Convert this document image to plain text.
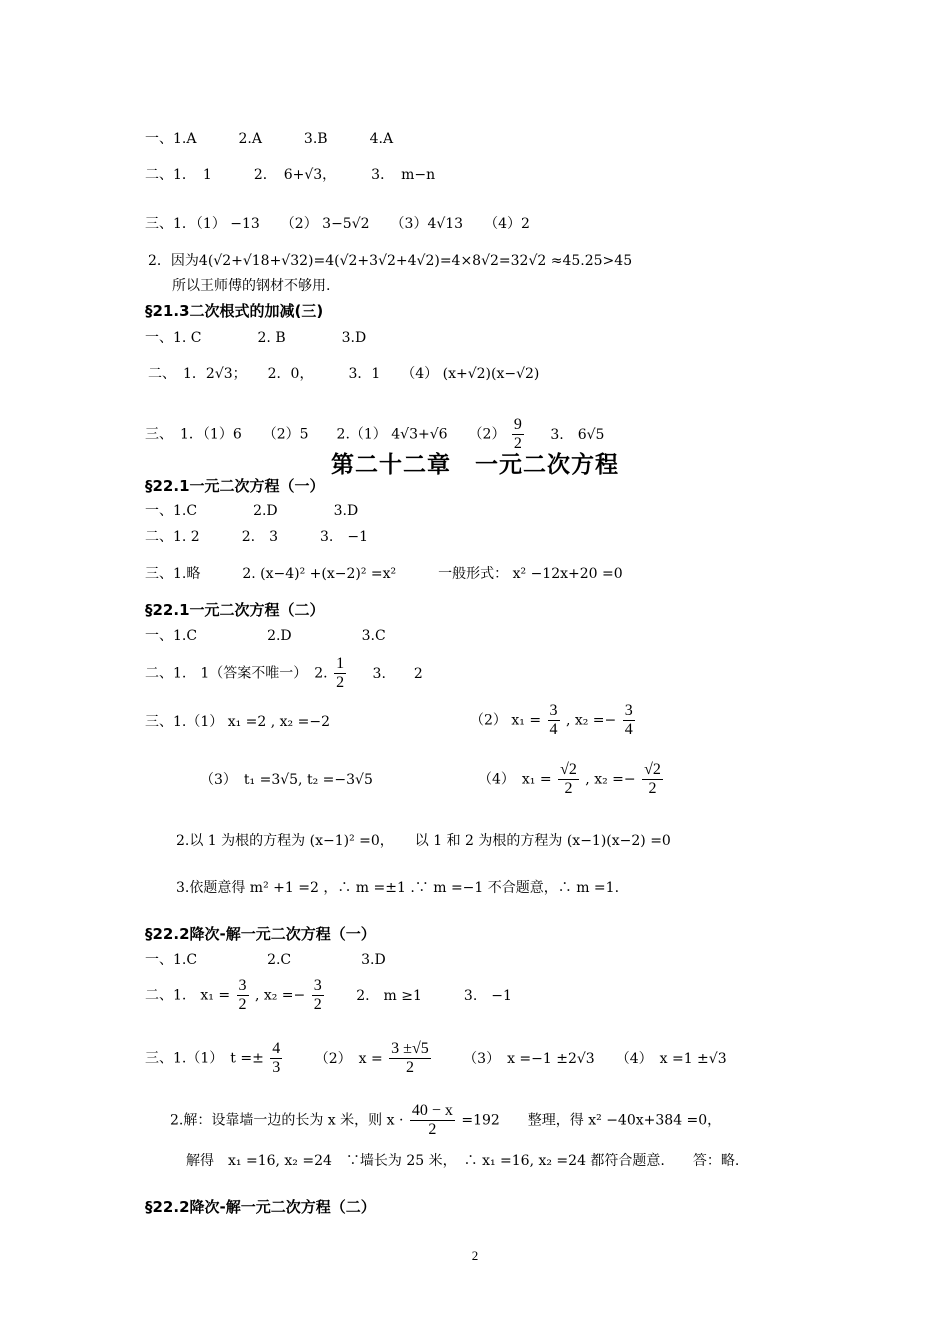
一、1.A　　　2.A　　　3.B　　　4.A
二、1．　1　　　2．　6+√3，　　　3．　m−n
三、1．（1） −13　　（2） 3−5√2　　（3）4√13　　（4）2
2．因为4(√2+√18+√32)=4(√2+3√2+4√2)=4×8√2=32√2 ≈45.25>45
所以王师傅的钢材不够用.
§21.3二次根式的加减(三)
一、1. C　　　　2. B　　　　3.D
二、　1．2√3；　　2．0，　　　3．1　　（4） (x+√2)(x−√2)
三、　1．（1）6　　（2）5　　2.（1） 4√3+√6　　$(2) \frac{9}{2} 3$.　6√5
第二十二章　一元二次方程
§22.1一元二次方程（一）
一、1.C　　　　2.D　　　　3.D
二、1. 2　　　2.　3　　　3.　−1
三、1.略　　　2. (x−4)² +(x−2)² =x²　　　一般形式： x² −12x+20 =0
§22.1一元二次方程（二）
一、1.C　　　　　2.D　　　　　3.C
二、1.　1（答案不唯一）　2. $\frac{1}{2} 3$.　　2
三、1.（1） x₁ =2 , x₂ =−2	（2） $x_1 = \frac{3}{4}$ , $x_2 =- \frac{3}{4}$
（3）　t₁ =3√5, t₂ =−3√5	（4）　$x_1 = \frac{√2}{2}$ , $x_2 =- \frac{√2}{2}$
2.以 1 为根的方程为 (x−1)² =0，　　以 1 和 2 为根的方程为 (x−1)(x−2) =0
3.依题意得 m² +1 =2 ，∴ m =±1 .∵ m =−1 不合题意，∴ m =1.
§22.2降次-解一元二次方程（一）
一、1.C　　　　　2.C　　　　　3.D
二、1.　$x_1 = \frac{3}{2}$ , $x_2 =- \frac{3}{2} 2$.　m ≥1　　　3.　−1
三、1.（1）　$t =\pm \frac{4}{3} (2)$　$x = \frac{3 \pm√5}{2} (3)$　x =−1 ±2√3　　（4）　x =1 ±√3
2.解：设靠墙一边的长为 x 米，则 $x \cdot \frac{40 - x}{2} =192$　　整理，得 x² −40x+384 =0，
解得　x₁ =16, x₂ =24　∵墙长为 25 米，　∴ x₁ =16, x₂ =24 都符合题意.　　答：略.
§22.2降次-解一元二次方程（二）
2
